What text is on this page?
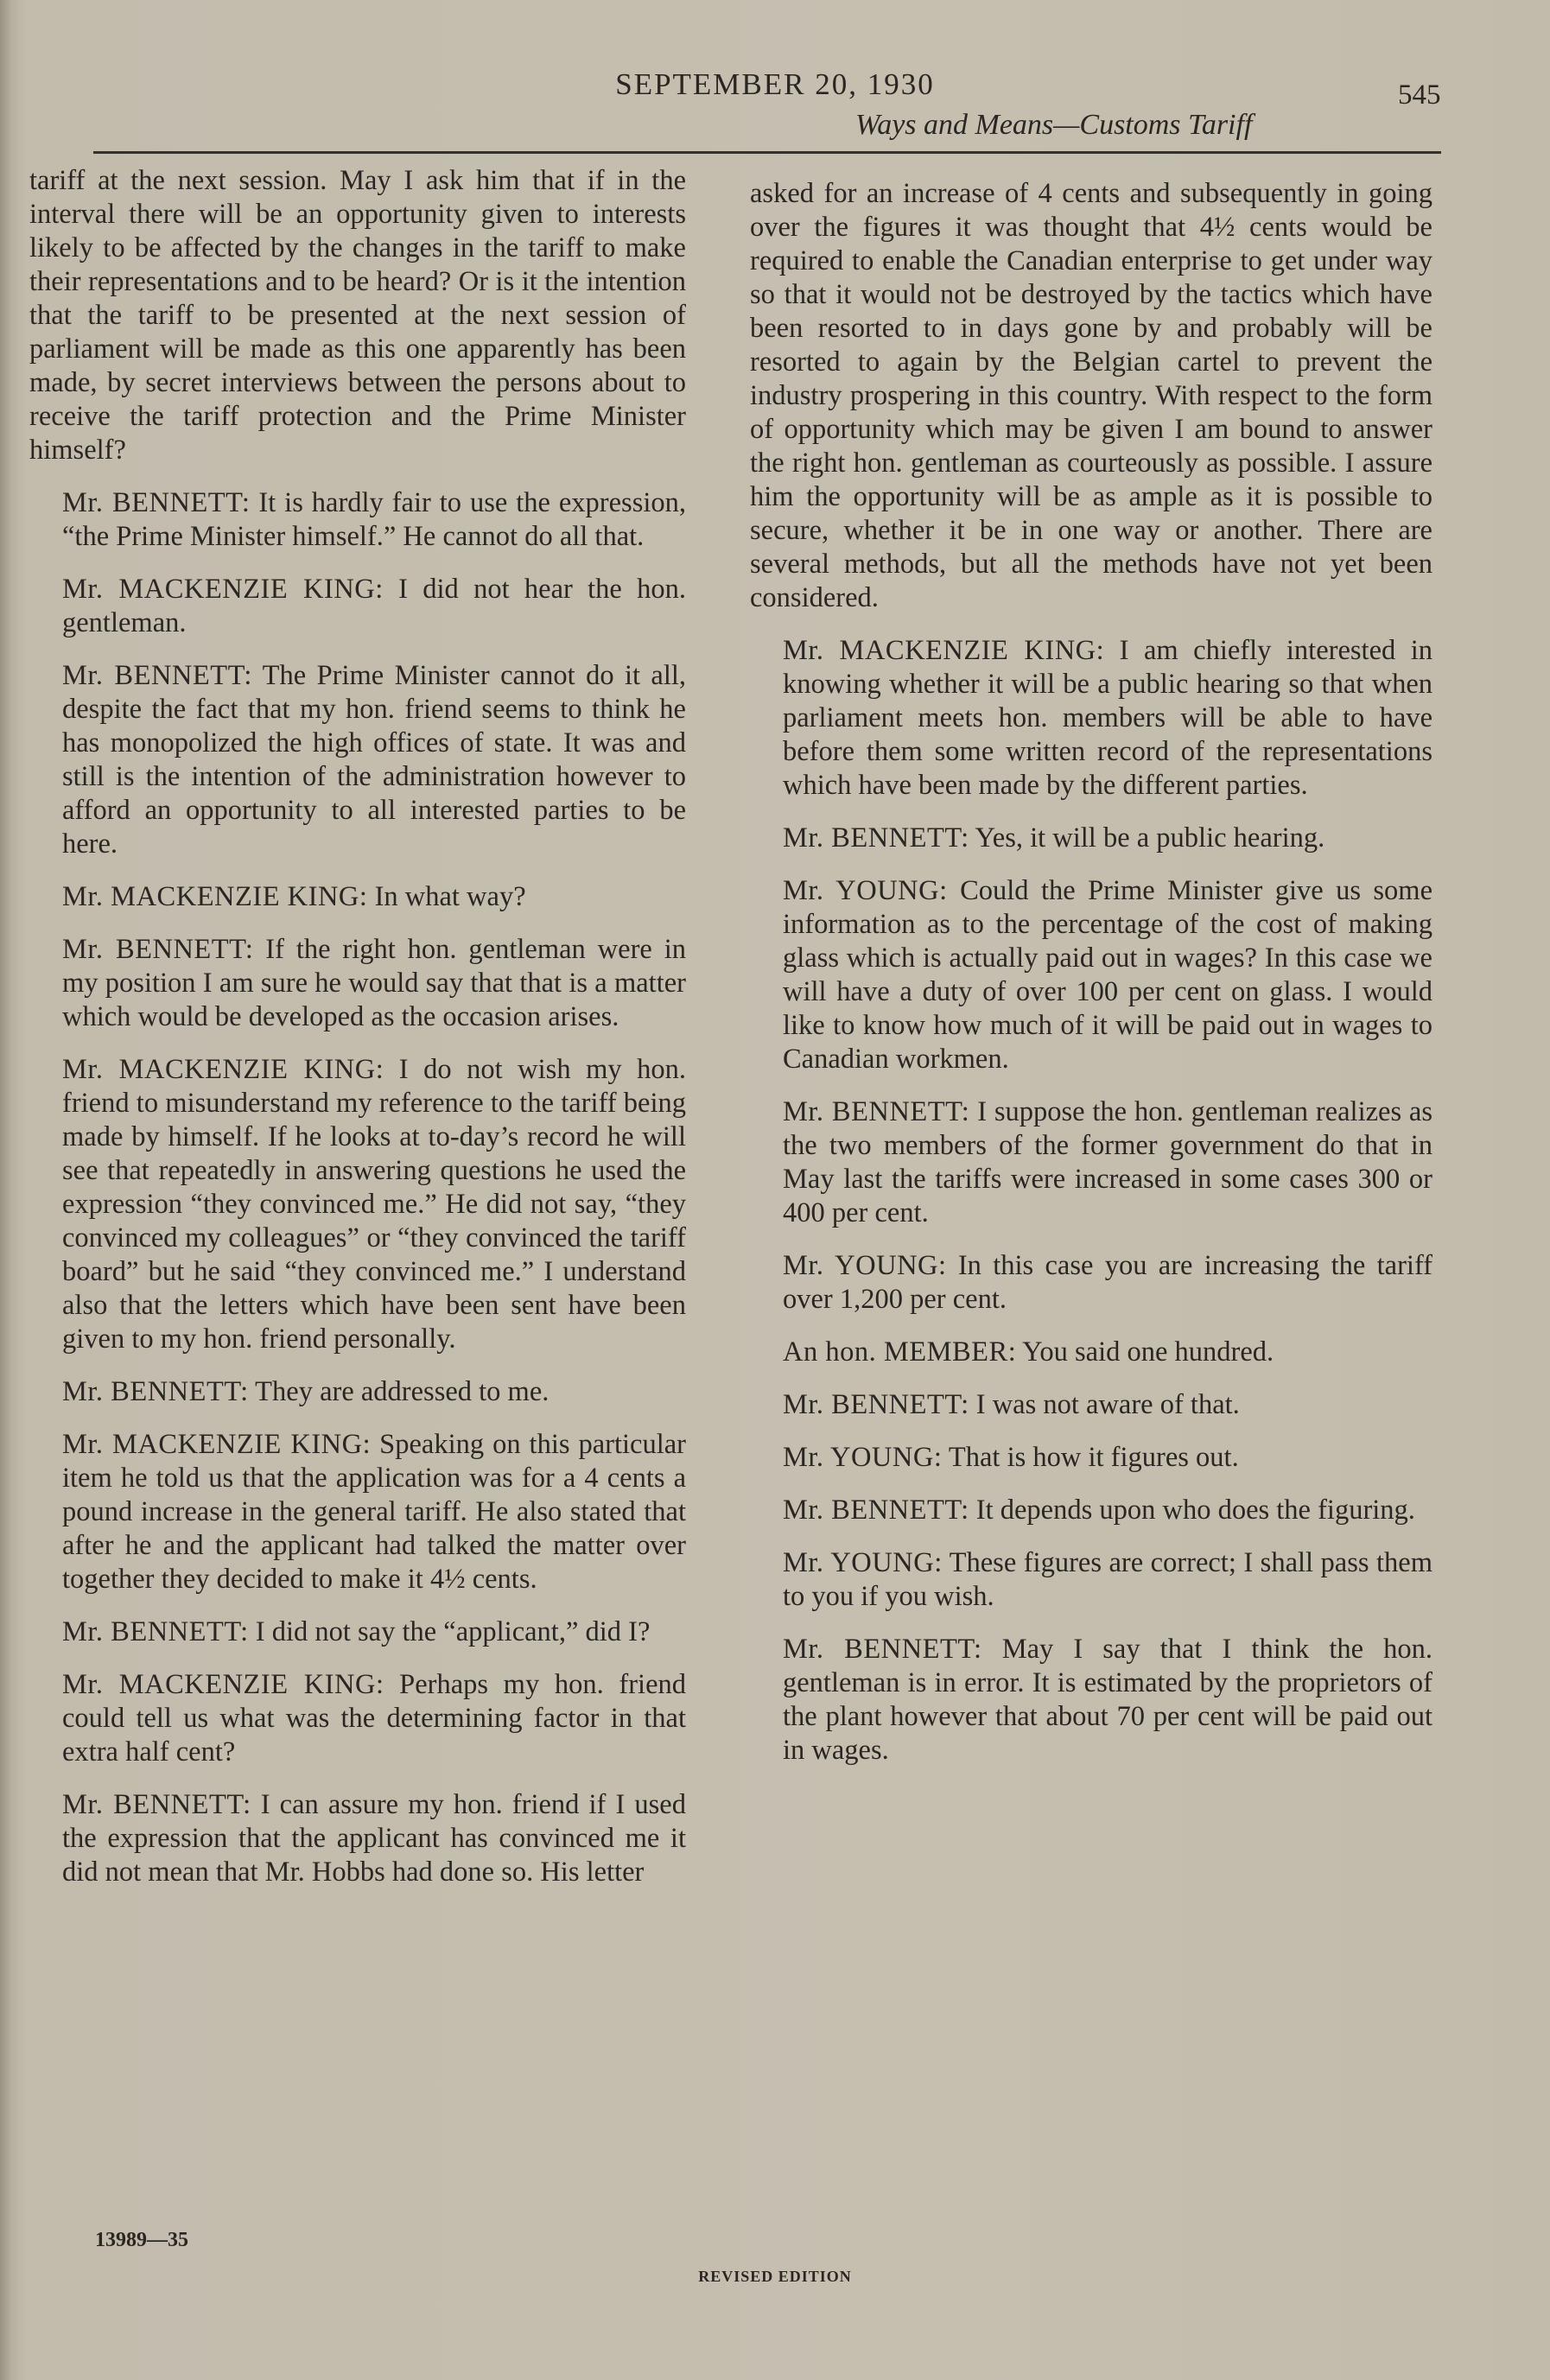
SEPTEMBER 20, 1930	545
Ways and Means—Customs Tariff

tariff at the next session. May I ask him that if in the interval there will be an opportunity given to interests likely to be affected by the changes in the tariff to make their representations and to be heard? Or is it the intention that the tariff to be presented at the next session of parliament will be made as this one apparently has been made, by secret interviews between the persons about to receive the tariff protection and the Prime Minister himself?

Mr. BENNETT: It is hardly fair to use the expression, “the Prime Minister himself.” He cannot do all that.

Mr. MACKENZIE KING: I did not hear the hon. gentleman.

Mr. BENNETT: The Prime Minister cannot do it all, despite the fact that my hon. friend seems to think he has monopolized the high offices of state. It was and still is the intention of the administration however to afford an opportunity to all interested parties to be here.

Mr. MACKENZIE KING: In what way?

Mr. BENNETT: If the right hon. gentleman were in my position I am sure he would say that that is a matter which would be developed as the occasion arises.

Mr. MACKENZIE KING: I do not wish my hon. friend to misunderstand my reference to the tariff being made by himself. If he looks at to-day’s record he will see that repeatedly in answering questions he used the expression “they convinced me.” He did not say, “they convinced my colleagues” or “they convinced the tariff board” but he said “they convinced me.” I understand also that the letters which have been sent have been given to my hon. friend personally.

Mr. BENNETT: They are addressed to me.

Mr. MACKENZIE KING: Speaking on this particular item he told us that the application was for a 4 cents a pound increase in the general tariff. He also stated that after he and the applicant had talked the matter over together they decided to make it 4½ cents.

Mr. BENNETT: I did not say the “applicant,” did I?

Mr. MACKENZIE KING: Perhaps my hon. friend could tell us what was the determining factor in that extra half cent?

Mr. BENNETT: I can assure my hon. friend if I used the expression that the applicant has convinced me it did not mean that Mr. Hobbs had done so. His letter

asked for an increase of 4 cents and subsequently in going over the figures it was thought that 4½ cents would be required to enable the Canadian enterprise to get under way so that it would not be destroyed by the tactics which have been resorted to in days gone by and probably will be resorted to again by the Belgian cartel to prevent the industry prospering in this country. With respect to the form of opportunity which may be given I am bound to answer the right hon. gentleman as courteously as possible. I assure him the opportunity will be as ample as it is possible to secure, whether it be in one way or another. There are several methods, but all the methods have not yet been considered.

Mr. MACKENZIE KING: I am chiefly interested in knowing whether it will be a public hearing so that when parliament meets hon. members will be able to have before them some written record of the representations which have been made by the different parties.

Mr. BENNETT: Yes, it will be a public hearing.

Mr. YOUNG: Could the Prime Minister give us some information as to the percentage of the cost of making glass which is actually paid out in wages? In this case we will have a duty of over 100 per cent on glass. I would like to know how much of it will be paid out in wages to Canadian workmen.

Mr. BENNETT: I suppose the hon. gentleman realizes as the two members of the former government do that in May last the tariffs were increased in some cases 300 or 400 per cent.

Mr. YOUNG: In this case you are increasing the tariff over 1,200 per cent.

An hon. MEMBER: You said one hundred.

Mr. BENNETT: I was not aware of that.

Mr. YOUNG: That is how it figures out.

Mr. BENNETT: It depends upon who does the figuring.

Mr. YOUNG: These figures are correct; I shall pass them to you if you wish.

Mr. BENNETT: May I say that I think the hon. gentleman is in error. It is estimated by the proprietors of the plant however that about 70 per cent will be paid out in wages.

13989—35
REVISED EDITION
